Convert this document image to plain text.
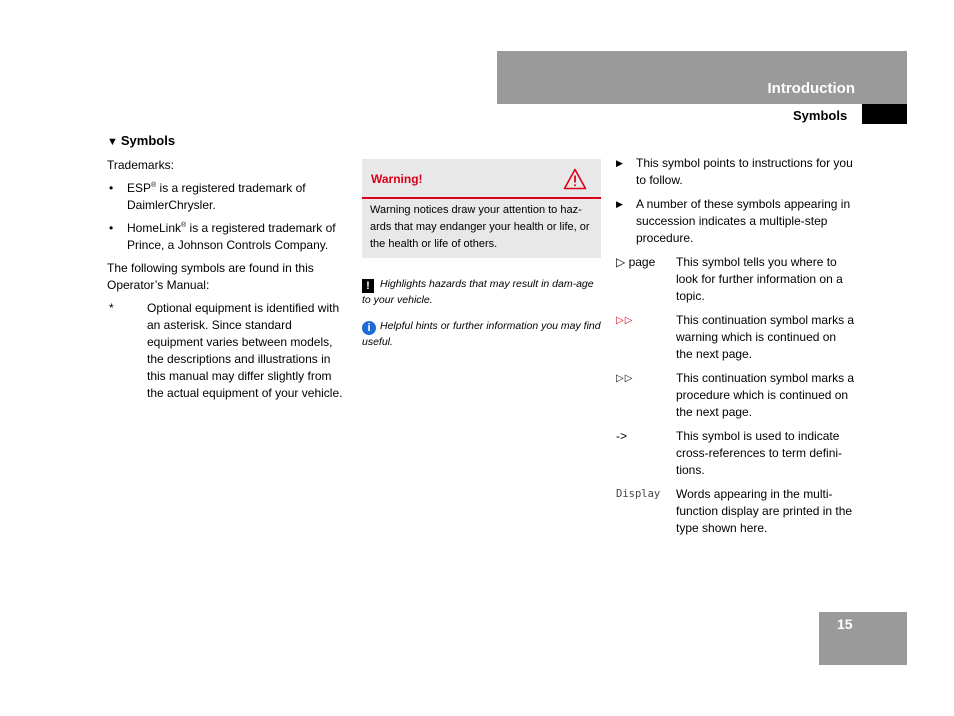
Introduction
Symbols
▼ Symbols

Trademarks:

• ESP® is a registered trademark of DaimlerChrysler.
• HomeLink® is a registered trademark of Prince, a Johnson Controls Company.

The following symbols are found in this Operator’s Manual:

*	Optional equipment is identified with an asterisk. Since standard equipment varies between models, the descriptions and illustrations in this manual may differ slightly from the actual equipment of your vehicle.
Warning!
Warning notices draw your attention to haz-ards that may endanger your health or life, or the health or life of others.
! Highlights hazards that may result in dam-age to your vehicle.
i Helpful hints or further information you may find useful.
▶ This symbol points to instructions for you to follow.
▶ A number of these symbols appearing in succession indicates a multiple-step procedure.
▷ page This symbol tells you where to look for further information on a topic.
▷▷	This continuation symbol marks a warning which is continued on the next page.
▷▷	This continuation symbol marks a procedure which is continued on the next page.
->	This symbol is used to indicate cross-references to term defini-tions.
Display Words appearing in the multi-function display are printed in the type shown here.
15
